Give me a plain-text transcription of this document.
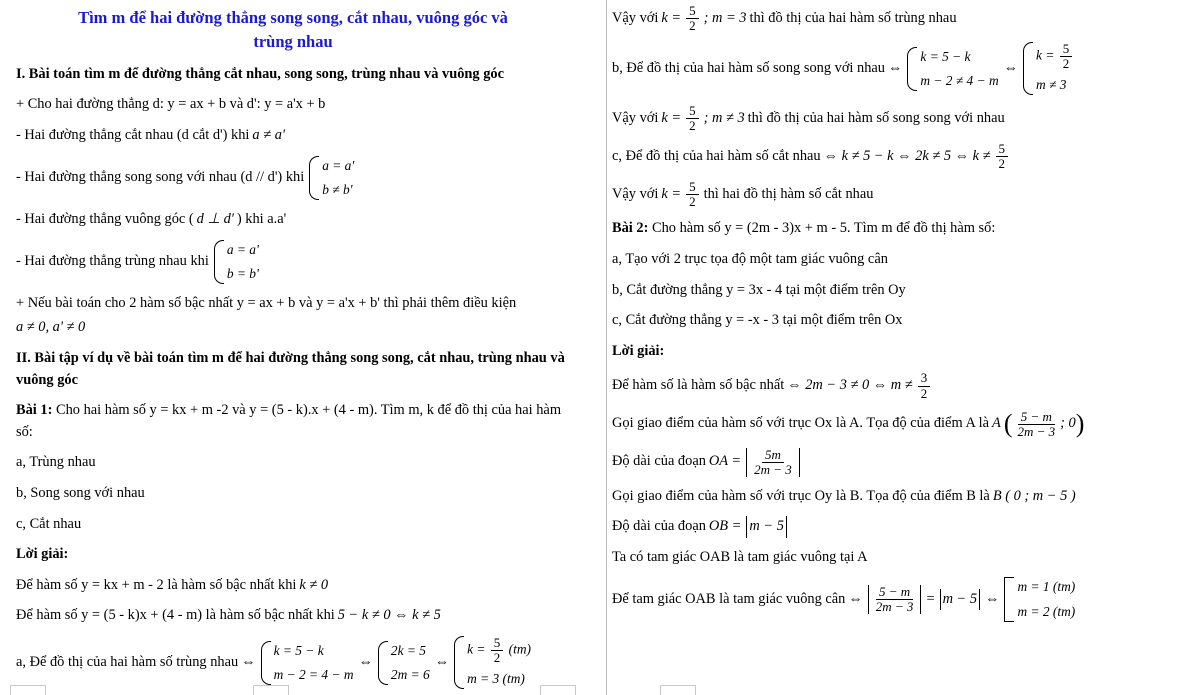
Tìm m để hai đường thẳng song song, cắt nhau, vuông góc và
trùng nhau

I. Bài toán tìm m để đường thẳng cắt nhau, song song, trùng nhau và vuông góc

+ Cho hai đường thẳng d: y = ax + b và d': y = a'x + b

- Hai đường thẳng cắt nhau (d cắt d') khi a ≠ a'
- Hai đường thẳng song song với nhau (d // d') khi
a = a'
b ≠ b'
- Hai đường thẳng vuông góc ( d ⊥ d' ) khi a.a'
- Hai đường thẳng trùng nhau khi
a = a'
b = b'
+ Nếu bài toán cho 2 hàm số bậc nhất y = ax + b và y = a'x + b' thì phải thêm điều kiện
a ≠ 0, a' ≠ 0

II. Bài tập ví dụ về bài toán tìm m để hai đường thẳng song song, cắt nhau, trùng nhau và vuông góc

Bài 1: Cho hai hàm số y = kx + m -2 và y = (5 - k).x + (4 - m). Tìm m, k để đồ thị của hai hàm số:

a, Trùng nhau

b, Song song với nhau

c, Cắt nhau

Lời giải:

Để hàm số y = kx + m - 2 là hàm số bậc nhất khi k ≠ 0
Để hàm số y = (5 - k)x + (4 - m) là hàm số bậc nhất khi 5 − k ≠ 0 ⇔ k ≠ 5
a, Để đồ thị của hai hàm số trùng nhau ⇔
k = 5 − k
m − 2 = 4 − m
⇔
2k = 5
2m = 6
⇔
$k = \frac{5}{2} (tm)$
m = 3 (tm)
Vậy với $k = \frac{5}{2}$ ; m = 3 thì đồ thị của hai hàm số trùng nhau
b, Để đồ thị của hai hàm số song song với nhau ⇔
k = 5 − k
m − 2 ≠ 4 − m
⇔
$k = \frac{5}{2}$
m ≠ 3
Vậy với $k = \frac{5}{2}$ ; m ≠ 3 thì đồ thị của hai hàm số song song với nhau
c, Để đồ thị của hai hàm số cắt nhau ⇔ k ≠ 5 − k ⇔ 2k ≠ 5 ⇔ $k \ne \frac{5}{2}$
Vậy với $k = \frac{5}{2}$ thì hai đồ thị hàm số cắt nhau

Bài 2: Cho hàm số y = (2m - 3)x + m - 5. Tìm m để đồ thị hàm số:

a, Tạo với 2 trục tọa độ một tam giác vuông cân

b, Cắt đường thẳng y = 3x - 4 tại một điểm trên Oy

c, Cắt đường thẳng y = -x - 3 tại một điểm trên Ox

Lời giải:

Để hàm số là hàm số bậc nhất ⇔ 2m − 3 ≠ 0 ⇔ $m \ne \frac{3}{2}$
Gọi giao điểm của hàm số với trục Ox là A. Tọa độ của điểm A là A ( $\frac{5 - m}{2m - 3}$ ; 0 )
Độ dài của đoạn OA = $\frac{5m}{2m - 3}$
Gọi giao điểm của hàm số với trục Oy là B. Tọa độ của điểm B là B ( 0 ; m − 5 )
Độ dài của đoạn OB = m − 5

Ta có tam giác OAB là tam giác vuông tại A

Để tam giác OAB là tam giác vuông cân ⇔ $\frac{5 - m}{2m - 3} = m - 5$ ⇔
m = 1 (tm)
m = 2 (tm)
